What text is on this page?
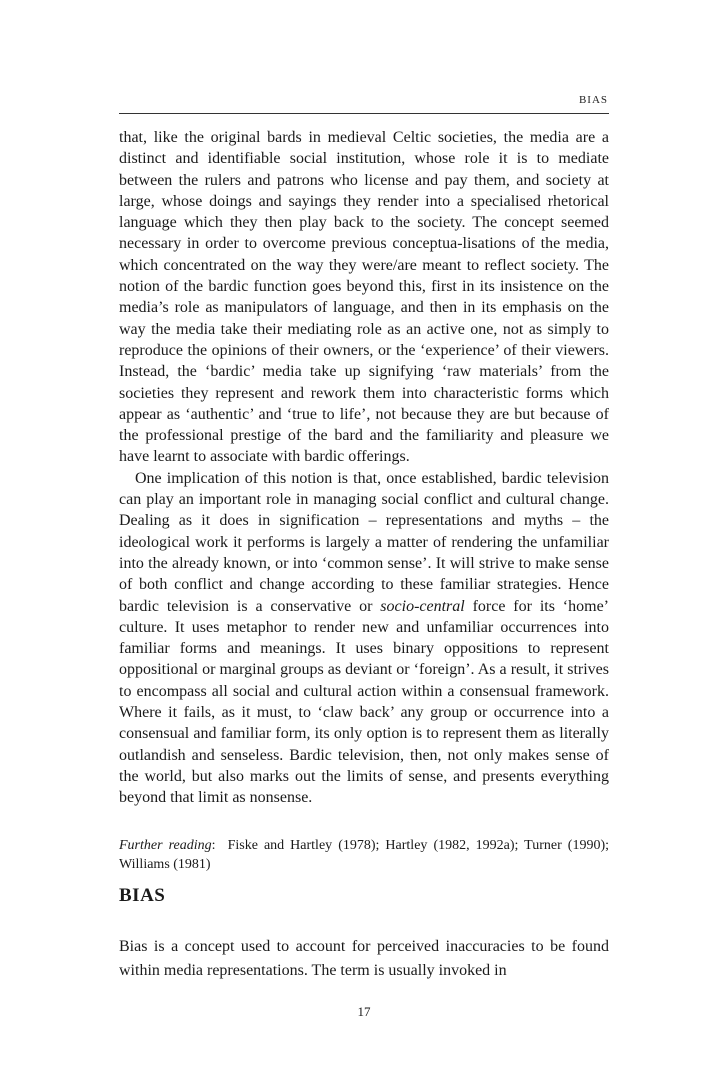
BIAS

that, like the original bards in medieval Celtic societies, the media are a distinct and identifiable social institution, whose role it is to mediate between the rulers and patrons who license and pay them, and society at large, whose doings and sayings they render into a specialised rhetorical language which they then play back to the society. The concept seemed necessary in order to overcome previous conceptua-lisations of the media, which concentrated on the way they were/are meant to reflect society. The notion of the bardic function goes beyond this, first in its insistence on the media’s role as manipulators of language, and then in its emphasis on the way the media take their mediating role as an active one, not as simply to reproduce the opinions of their owners, or the ‘experience’ of their viewers. Instead, the ‘bardic’ media take up signifying ‘raw materials’ from the societies they represent and rework them into characteristic forms which appear as ‘authentic’ and ‘true to life’, not because they are but because of the professional prestige of the bard and the familiarity and pleasure we have learnt to associate with bardic offerings.

One implication of this notion is that, once established, bardic television can play an important role in managing social conflict and cultural change. Dealing as it does in signification – representations and myths – the ideological work it performs is largely a matter of rendering the unfamiliar into the already known, or into ‘common sense’. It will strive to make sense of both conflict and change according to these familiar strategies. Hence bardic television is a conservative or socio-central force for its ‘home’ culture. It uses metaphor to render new and unfamiliar occurrences into familiar forms and meanings. It uses binary oppositions to represent oppositional or marginal groups as deviant or ‘foreign’. As a result, it strives to encompass all social and cultural action within a consensual framework. Where it fails, as it must, to ‘claw back’ any group or occurrence into a consensual and familiar form, its only option is to represent them as literally outlandish and senseless. Bardic television, then, not only makes sense of the world, but also marks out the limits of sense, and presents everything beyond that limit as nonsense.

Further reading: Fiske and Hartley (1978); Hartley (1982, 1992a); Turner (1990); Williams (1981)
BIAS

Bias is a concept used to account for perceived inaccuracies to be found within media representations. The term is usually invoked in

17
